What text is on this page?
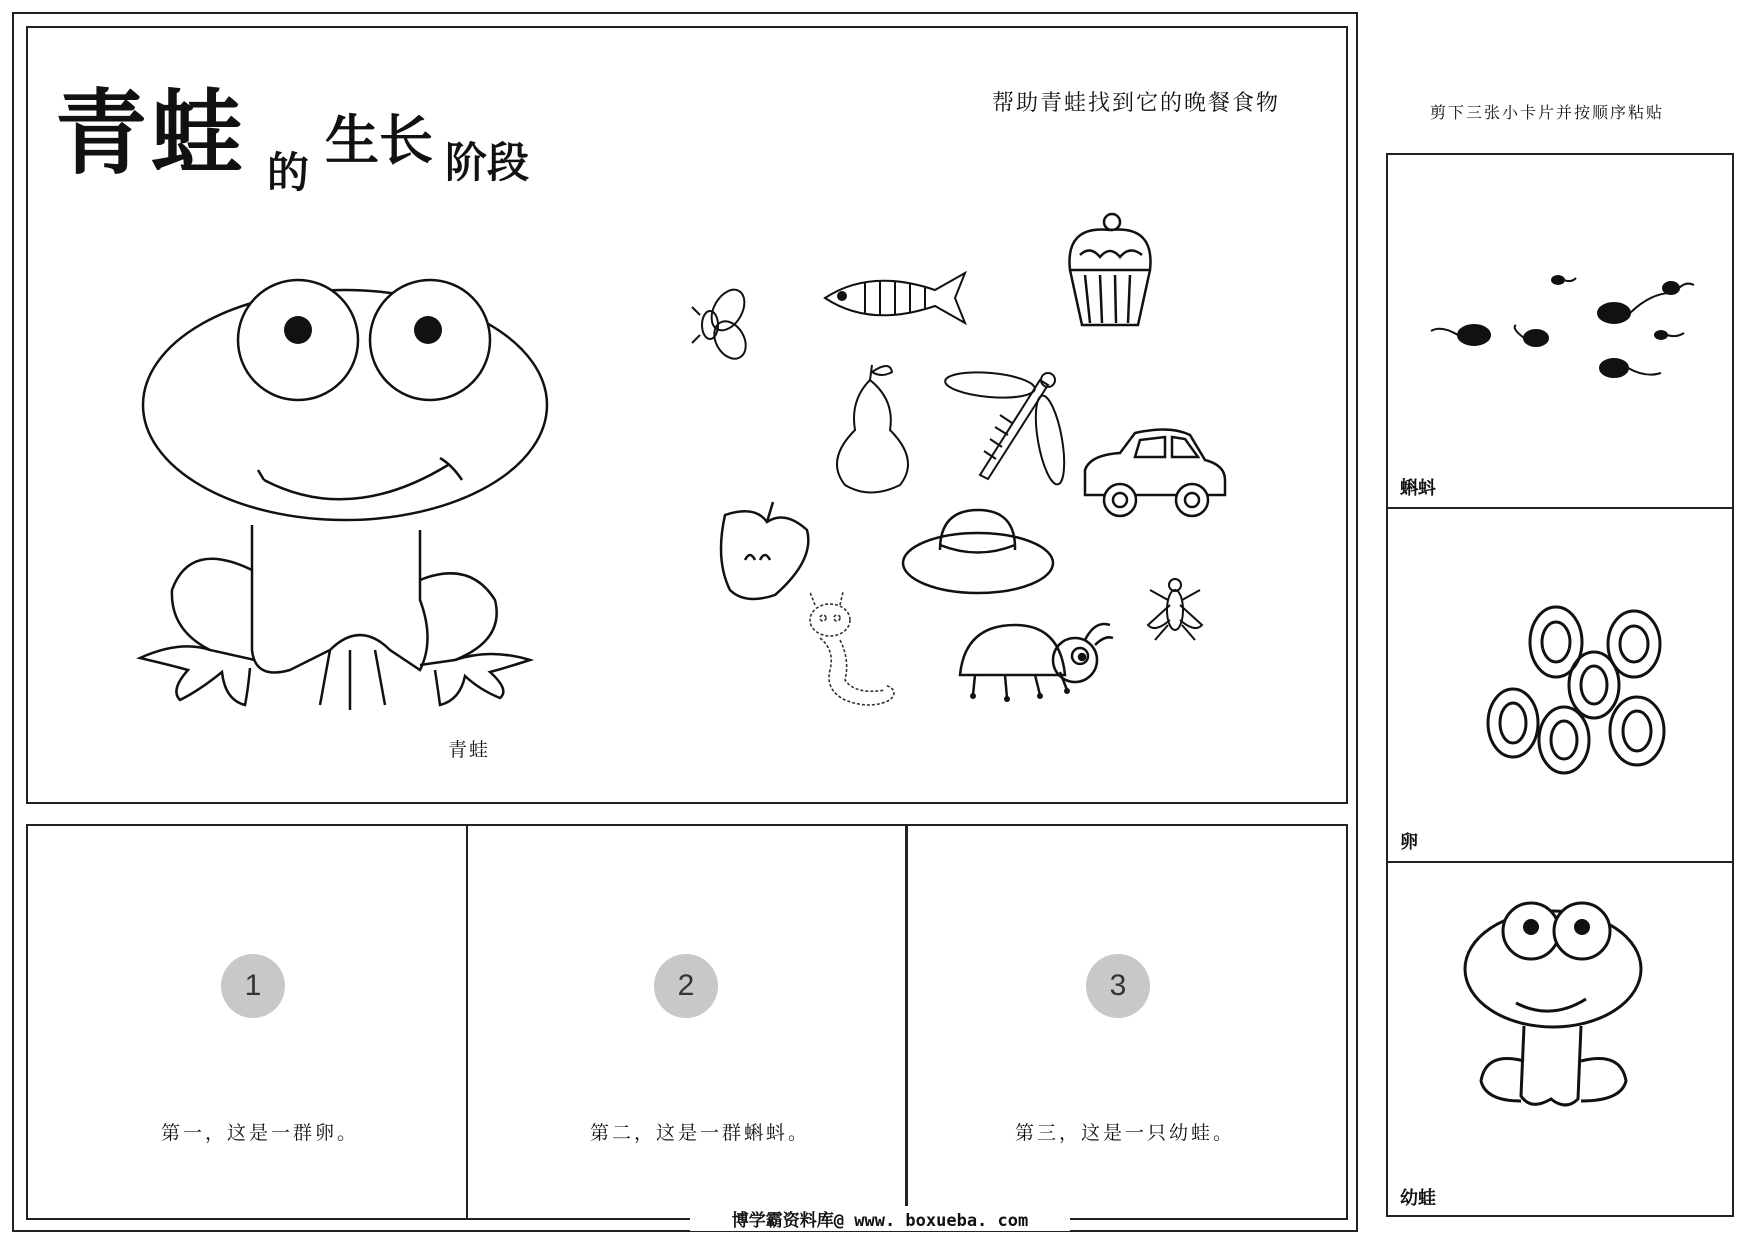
青蛙 的生长 阶段
帮助青蛙找到它的晚餐食物
青蛙
1
第一，这是一群卵。
2
第二，这是一群蝌蚪。
3
第三，这是一只幼蛙。
剪下三张小卡片并按顺序粘贴
蝌蚪
卵
幼蛙
博学霸资料库@ www. boxueba. com
